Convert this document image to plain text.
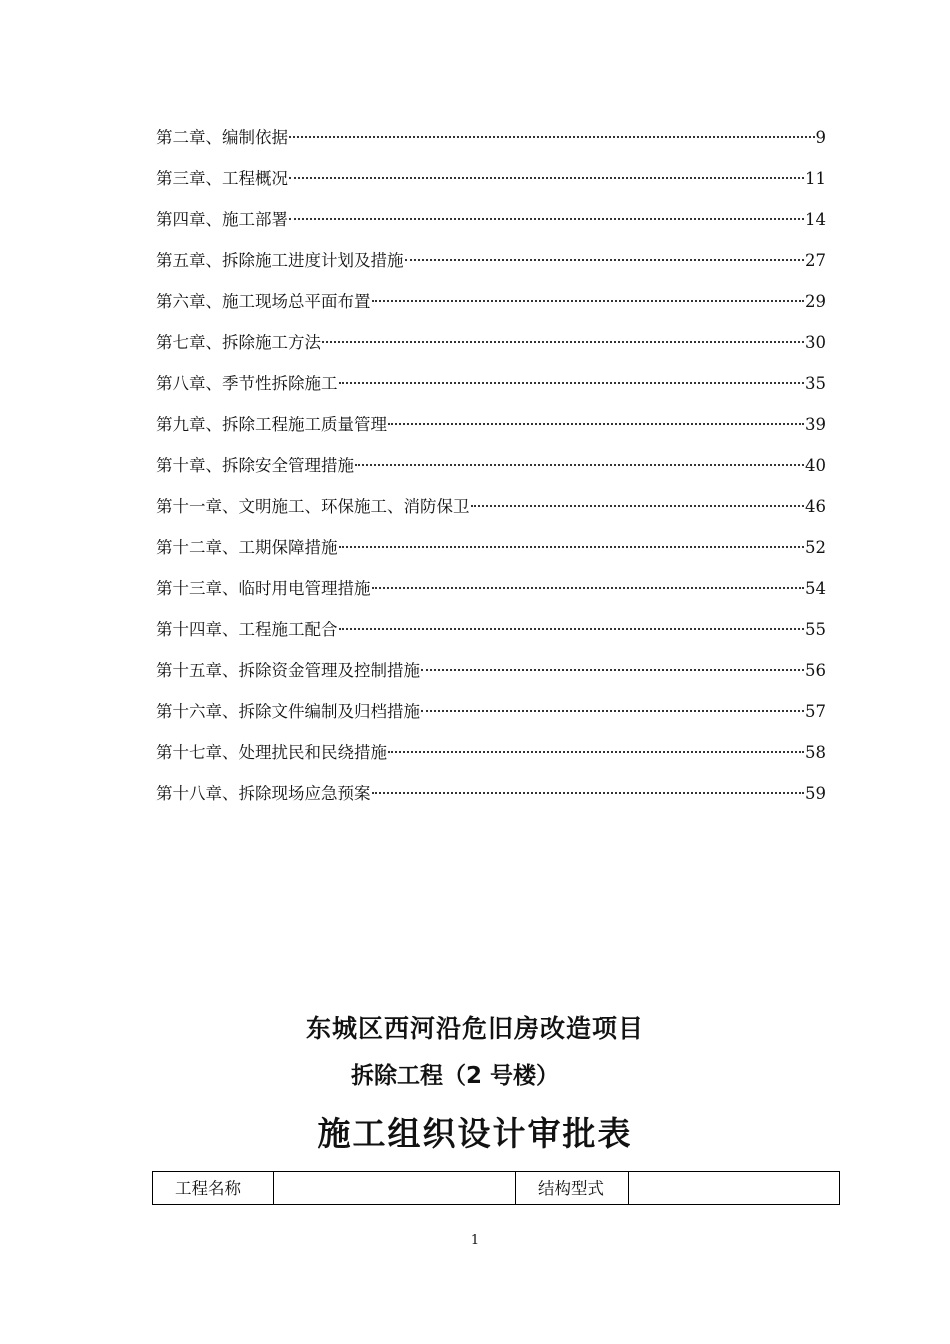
第二章、编制依据	9
第三章、工程概况	11
第四章、施工部署	14
第五章、拆除施工进度计划及措施	27
第六章、施工现场总平面布置	29
第七章、拆除施工方法	30
第八章、季节性拆除施工	35
第九章、拆除工程施工质量管理	39
第十章、拆除安全管理措施	40
第十一章、文明施工、环保施工、消防保卫	46
第十二章、工期保障措施	52
第十三章、临时用电管理措施	54
第十四章、工程施工配合	55
第十五章、拆除资金管理及控制措施	56
第十六章、拆除文件编制及归档措施	57
第十七章、处理扰民和民绕措施	58
第十八章、拆除现场应急预案	59
东城区西河沿危旧房改造项目
拆除工程（2 号楼）
施工组织设计审批表
工程名称		结构型式	
1
